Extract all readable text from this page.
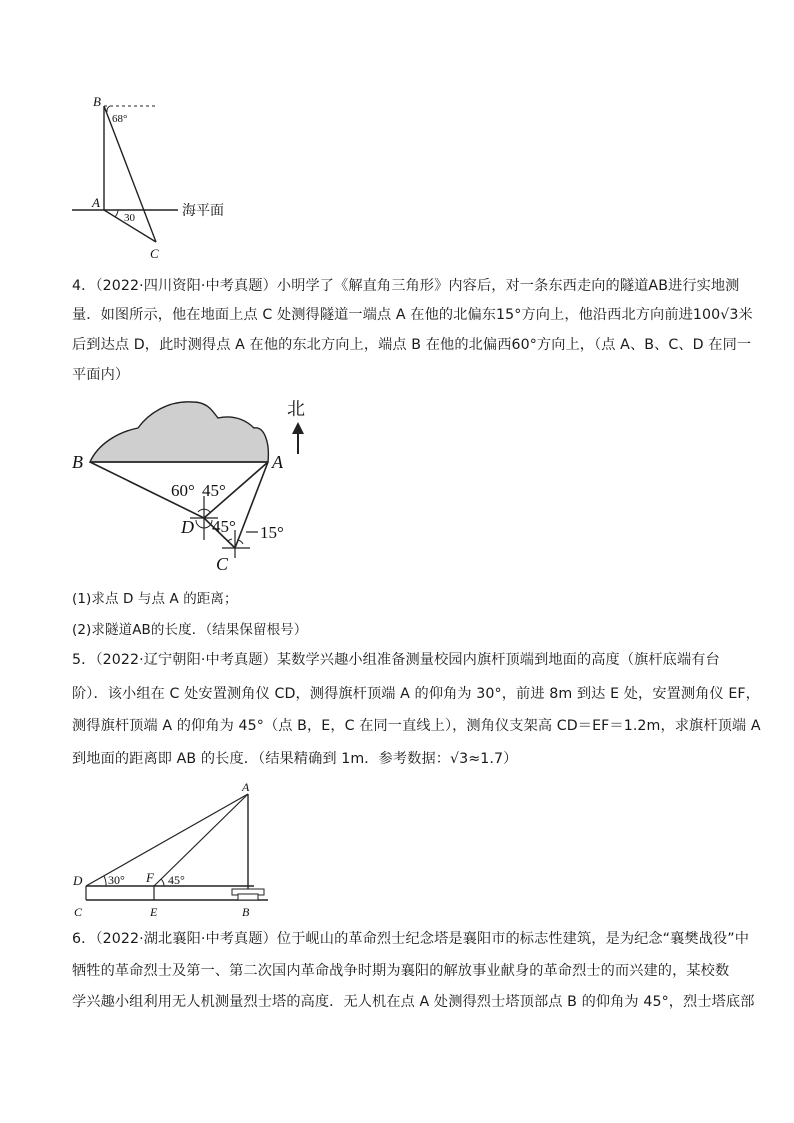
B
68°
A
30
C
海平面
4．（2022·四川资阳·中考真题）小明学了《解直角三角形》内容后，对一条东西走向的隧道AB进行实地测
量．如图所示，他在地面上点 C 处测得隧道一端点 A 在他的北偏东15°方向上，他沿西北方向前进100√3米
后到达点 D，此时测得点 A 在他的东北方向上，端点 B 在他的北偏西60°方向上，（点 A、B、C、D 在同一
平面内）
北
B	A
D
C
60° 45°
45° 15°
(1)求点 D 与点 A 的距离；
(2)求隧道AB的长度．（结果保留根号）
5．（2022·辽宁朝阳·中考真题）某数学兴趣小组准备测量校园内旗杆顶端到地面的高度（旗杆底端有台
阶）．该小组在 C 处安置测角仪 CD，测得旗杆顶端 A 的仰角为 30°，前进 8m 到达 E 处，安置测角仪 EF，
测得旗杆顶端 A 的仰角为 45°（点 B，E，C 在同一直线上），测角仪支架高 CD＝EF＝1.2m，求旗杆顶端 A
到地面的距离即 AB 的长度．（结果精确到 1m．参考数据：√3≈1.7）
A
D 30° F 45°
C	E	B
6．（2022·湖北襄阳·中考真题）位于岘山的革命烈士纪念塔是襄阳市的标志性建筑，是为纪念“襄樊战役”中
牺牲的革命烈士及第一、第二次国内革命战争时期为襄阳的解放事业献身的革命烈士的而兴建的，某校数
学兴趣小组利用无人机测量烈士塔的高度．无人机在点 A 处测得烈士塔顶部点 B 的仰角为 45°，烈士塔底部
